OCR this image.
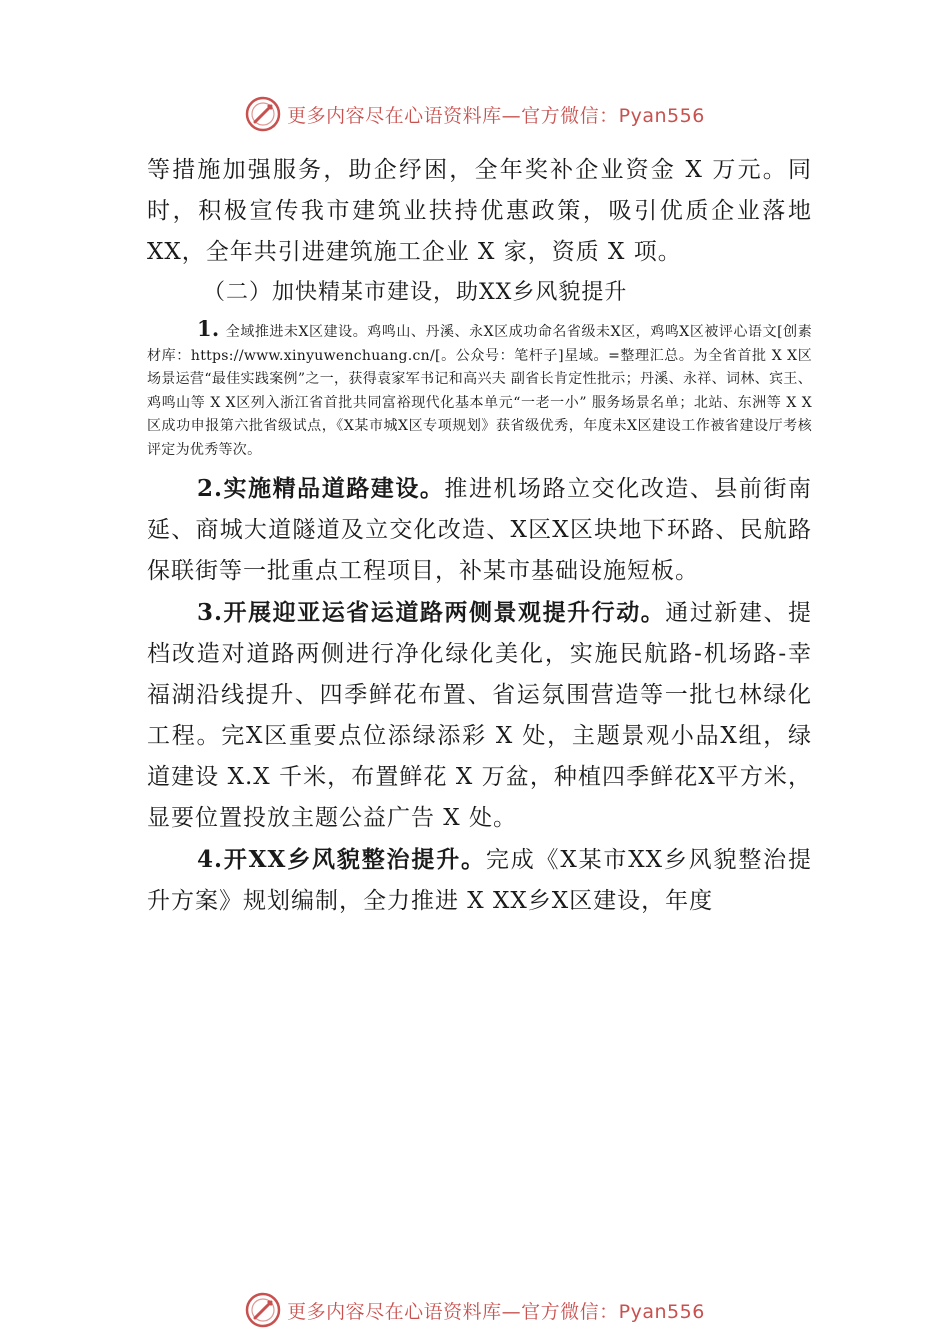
更多内容尽在心语资料库—官方微信：Pyan556

等措施加强服务，助企纾困，全年奖补企业资金 X 万元。同时，积极宣传我市建筑业扶持优惠政策，吸引优质企业落地 XX，全年共引进建筑施工企业 X 家，资质 X 项。

（二）加快精某市建设，助XX乡风貌提升

1. 全域推进未X区建设。鸡鸣山、丹溪、永X区成功命名省级未X区，鸡鸣X区被评心语文[创素材库：https://www.xinyuwenchuang.cn/[。公众号：笔杆子]星域。=整理汇总。为全省首批 X X区场景运营“最佳实践案例”之一，获得袁家军书记和高兴夫 副省长肯定性批示；丹溪、永祥、词林、宾王、鸡鸣山等 X X区列入浙江省首批共同富裕现代化基本单元“一老一小” 服务场景名单；北站、东洲等 X X区成功申报第六批省级试点，《X某市城X区专项规划》获省级优秀，年度未X区建设工作被省建设厅考核评定为优秀等次。

2.实施精品道路建设。推进机场路立交化改造、县前街南延、商城大道隧道及立交化改造、X区X区块地下环路、民航路保联街等一批重点工程项目，补某市基础设施短板。

3.开展迎亚运省运道路两侧景观提升行动。通过新建、提档改造对道路两侧进行净化绿化美化，实施民航路-机场路-幸福湖沿线提升、四季鲜花布置、省运氛围营造等一批乜林绿化工程。完X区重要点位添绿添彩 X 处，主题景观小品X组，绿道建设 X.X 千米，布置鲜花 X 万盆，种植四季鲜花X平方米，显要位置投放主题公益广告 X 处。

4.开XX乡风貌整治提升。完成《X某市XX乡风貌整治提升方案》规划编制，全力推进 X XX乡X区建设，年度

更多内容尽在心语资料库—官方微信：Pyan556
